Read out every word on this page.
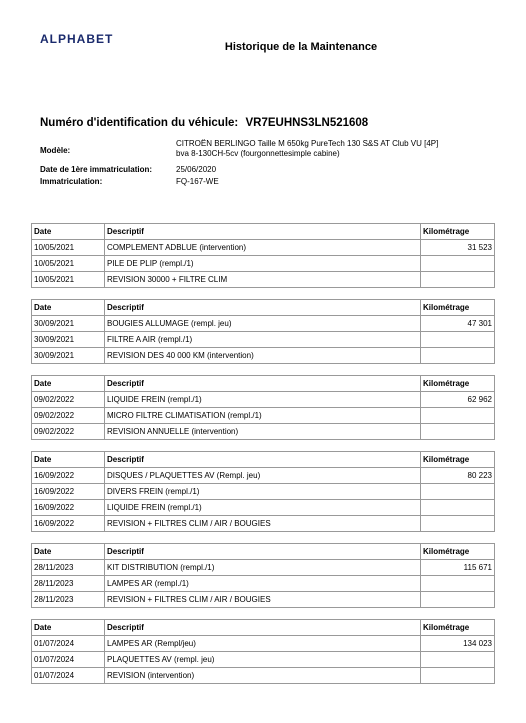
ALPHABET
Historique de la Maintenance
Numéro d'identification du véhicule: VR7EUHNS3LN521608
Modèle:
CITROËN BERLINGO Taille M 650kg PureTech 130 S&S AT Club VU [4P]
bva 8-130CH-5cv (fourgonnettesimple cabine)
Date de 1ère immatriculation:	25/06/2020
Immatriculation:	FQ-167-WE
Date	Descriptif	Kilométrage
10/05/2021	COMPLEMENT ADBLUE (intervention)	31 523
10/05/2021	PILE DE PLIP (rempl./1)	
10/05/2021	REVISION 30000 + FILTRE CLIM	
Date	Descriptif	Kilométrage
30/09/2021	BOUGIES ALLUMAGE (rempl. jeu)	47 301
30/09/2021	FILTRE A AIR (rempl./1)	
30/09/2021	REVISION DES 40 000 KM (intervention)	
Date	Descriptif	Kilométrage
09/02/2022	LIQUIDE FREIN (rempl./1)	62 962
09/02/2022	MICRO FILTRE CLIMATISATION (rempl./1)	
09/02/2022	REVISION ANNUELLE (intervention)	
Date	Descriptif	Kilométrage
16/09/2022	DISQUES / PLAQUETTES AV (Rempl. jeu)	80 223
16/09/2022	DIVERS FREIN (rempl./1)	
16/09/2022	LIQUIDE FREIN (rempl./1)	
16/09/2022	REVISION + FILTRES CLIM / AIR / BOUGIES	
Date	Descriptif	Kilométrage
28/11/2023	KIT DISTRIBUTION (rempl./1)	115 671
28/11/2023	LAMPES AR (rempl./1)	
28/11/2023	REVISION + FILTRES CLIM / AIR / BOUGIES	
Date	Descriptif	Kilométrage
01/07/2024	LAMPES AR (Rempl/jeu)	134 023
01/07/2024	PLAQUETTES AV (rempl. jeu)	
01/07/2024	REVISION (intervention)	
